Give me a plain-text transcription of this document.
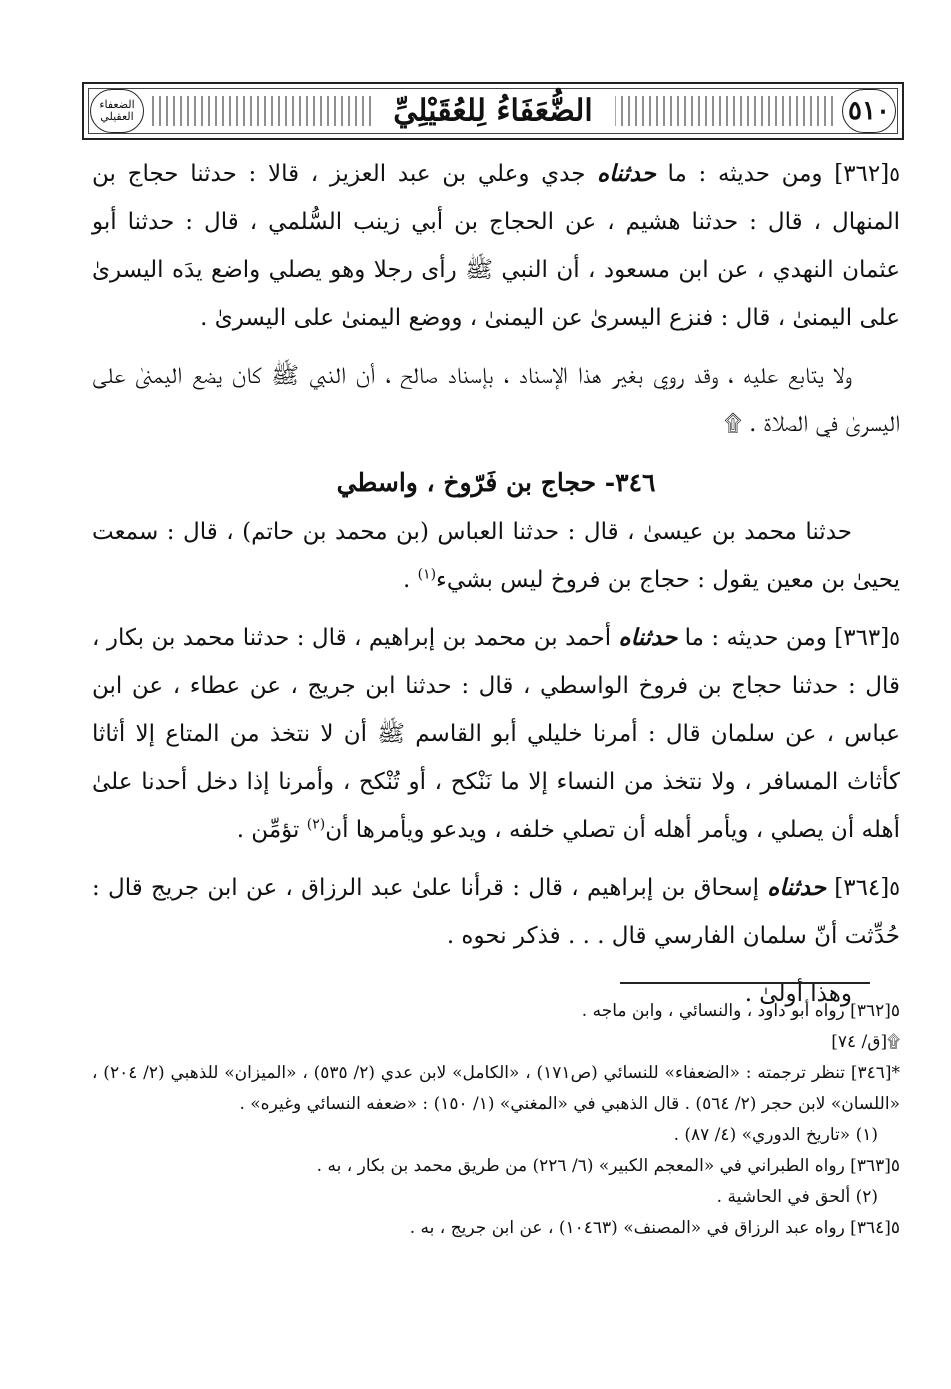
الضعفاء العقيلي	الضُّعَفَاءُ لِلعُقَيْلِيِّ	٥١٠

٥[٣٦٢] ومن حديثه : ما حدثناه جدي وعلي بن عبد العزيز ، قالا : حدثنا حجاج بن المنهال ، قال : حدثنا هشيم ، عن الحجاج بن أبي زينب السُّلمي ، قال : حدثنا أبو عثمان النهدي ، عن ابن مسعود ، أن النبي ﷺ رأى رجلا وهو يصلي واضع يدَه اليسرىٰ على اليمنىٰ ، قال : فنزع اليسرىٰ عن اليمنىٰ ، ووضع اليمنىٰ على اليسرىٰ .

ولا يتابع عليه ، وقد روي بغير هذا الإسناد ، بإسناد صالح ، أن النبي ﷺ كان يضع اليمنىٰ على اليسرىٰ في الصلاة . ۩

٣٤٦- حجاج بن فَرّوخ ، واسطي

حدثنا محمد بن عيسىٰ ، قال : حدثنا العباس (بن محمد بن حاتم) ، قال : سمعت يحيىٰ بن معين يقول : حجاج بن فروخ ليس بشيء$^{(١)}$ .

٥[٣٦٣] ومن حديثه : ما حدثناه أحمد بن محمد بن إبراهيم ، قال : حدثنا محمد بن بكار ، قال : حدثنا حجاج بن فروخ الواسطي ، قال : حدثنا ابن جريج ، عن عطاء ، عن ابن عباس ، عن سلمان قال : أمرنا خليلي أبو القاسم ﷺ أن لا نتخذ من المتاع إلا أثاثا كأثاث المسافر ، ولا نتخذ من النساء إلا ما نَنْكح ، أو تُنْكح ، وأمرنا إذا دخل أحدنا علىٰ أهله أن يصلي ، ويأمر أهله أن تصلي خلفه ، ويدعو ويأمرها أن$^{(٢)}$ تؤمِّن .

٥[٣٦٤] حدثناه إسحاق بن إبراهيم ، قال : قرأنا علىٰ عبد الرزاق ، عن ابن جريج قال : حُدِّثت أنّ سلمان الفارسي قال . . . فذكر نحوه .

وهذا أولىٰ .

٥[٣٦٢] رواه أبو داود ، والنسائي ، وابن ماجه .

۩[ق/ ٧٤]

*[٣٤٦] تنظر ترجمته : «الضعفاء» للنسائي (ص١٧١) ، «الكامل» لابن عدي (٢/ ٥٣٥) ، «الميزان» للذهبي (٢/ ٢٠٤) ، «اللسان» لابن حجر (٢/ ٥٦٤) . قال الذهبي في «المغني» (١/ ١٥٠) : «ضعفه النسائي وغيره» .

(١) «تاريخ الدوري» (٤/ ٨٧) .

٥[٣٦٣] رواه الطبراني في «المعجم الكبير» (٦/ ٢٢٦) من طريق محمد بن بكار ، به .

(٢) ألحق في الحاشية .

٥[٣٦٤] رواه عبد الرزاق في «المصنف» (١٠٤٦٣) ، عن ابن جريج ، به .
